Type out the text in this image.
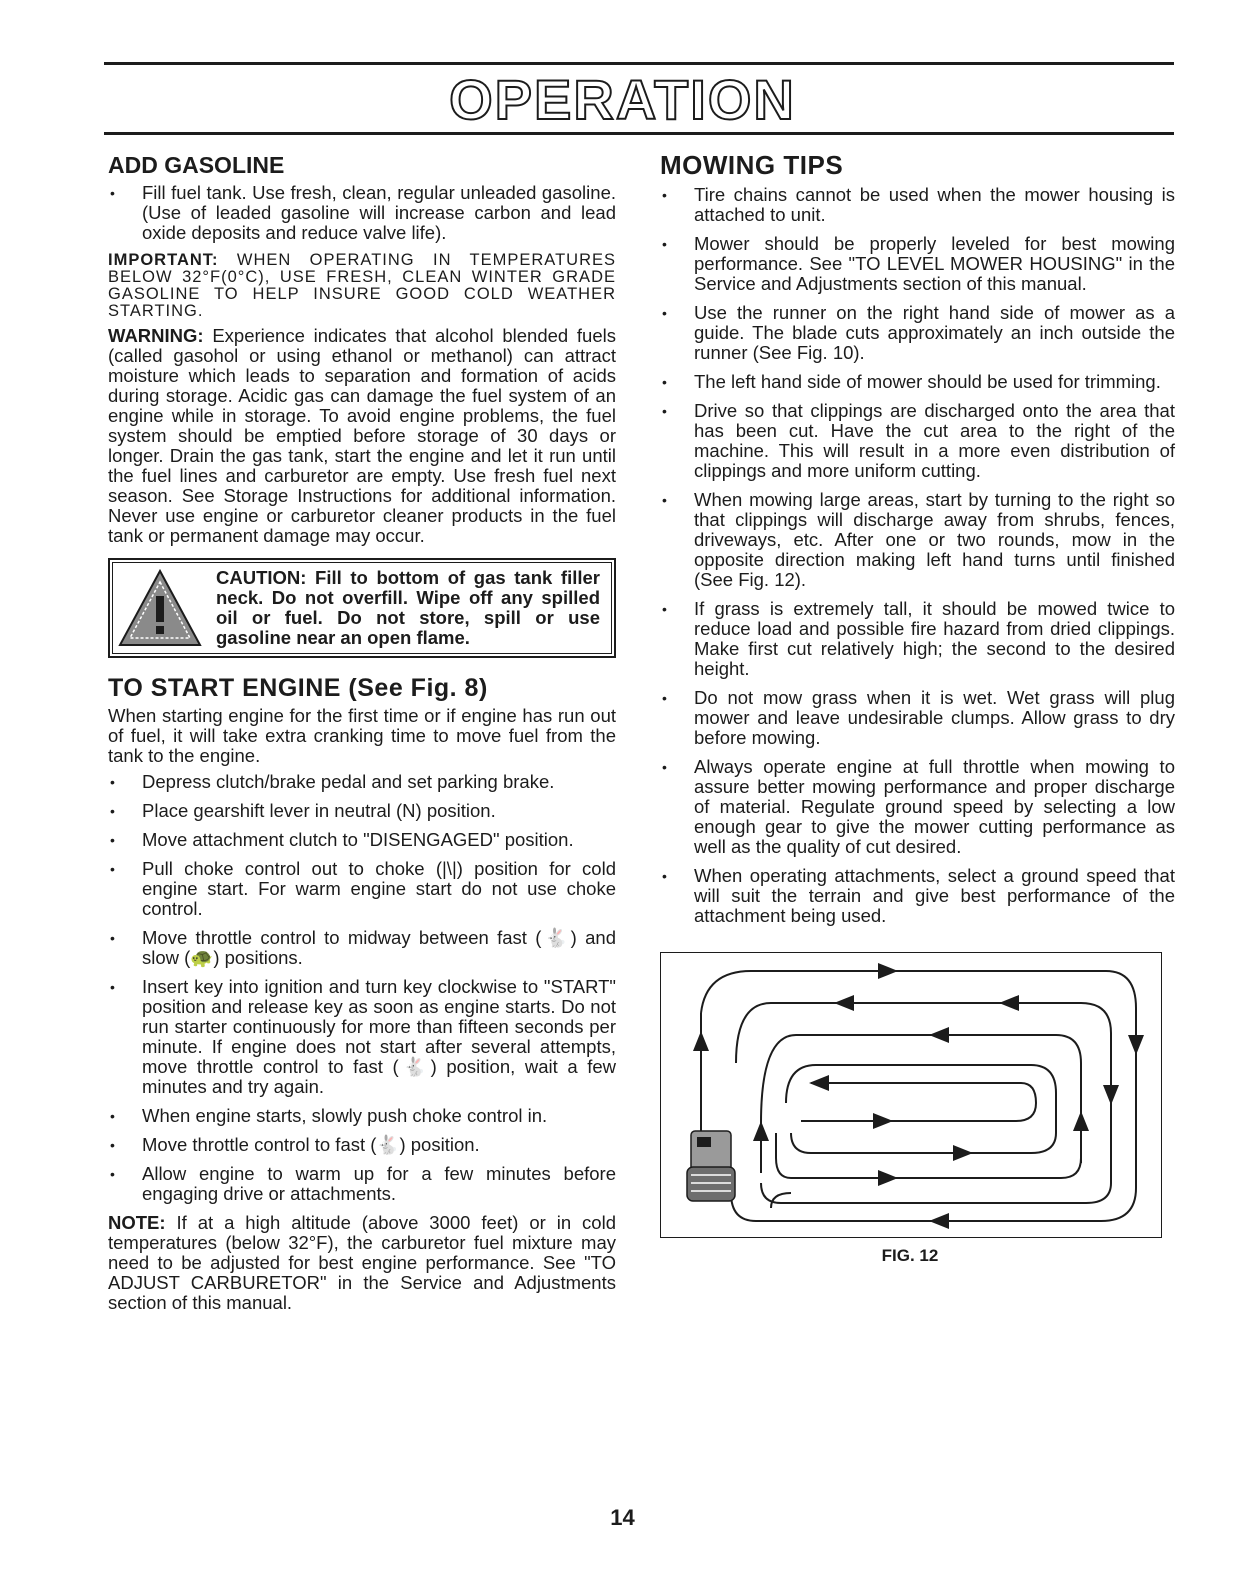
OPERATION
ADD GASOLINE
• Fill fuel tank. Use fresh, clean, regular unleaded gasoline. (Use of leaded gasoline will increase carbon and lead oxide deposits and reduce valve life).

IMPORTANT: WHEN OPERATING IN TEMPERATURES BELOW 32°F(0°C), USE FRESH, CLEAN WINTER GRADE GASOLINE TO HELP INSURE GOOD COLD WEATHER STARTING.

WARNING: Experience indicates that alcohol blended fuels (called gasohol or using ethanol or methanol) can attract moisture which leads to separation and formation of acids during storage. Acidic gas can damage the fuel system of an engine while in storage. To avoid engine problems, the fuel system should be emptied before storage of 30 days or longer. Drain the gas tank, start the engine and let it run until the fuel lines and carburetor are empty. Use fresh fuel next season. See Storage Instructions for additional information. Never use engine or carburetor cleaner products in the fuel tank or permanent damage may occur.

CAUTION: Fill to bottom of gas tank filler neck. Do not overfill. Wipe off any spilled oil or fuel. Do not store, spill or use gasoline near an open flame.
TO START ENGINE (See Fig. 8)

When starting engine for the first time or if engine has run out of fuel, it will take extra cranking time to move fuel from the tank to the engine.

• Depress clutch/brake pedal and set parking brake.
• Place gearshift lever in neutral (N) position.
• Move attachment clutch to "DISENGAGED" position.
• Pull choke control out to choke (|\|) position for cold engine start. For warm engine start do not use choke control.
• Move throttle control to midway between fast (🐇) and slow (🐢) positions.
• Insert key into ignition and turn key clockwise to "START" position and release key as soon as engine starts. Do not run starter continuously for more than fifteen seconds per minute. If engine does not start after several attempts, move throttle control to fast (🐇) position, wait a few minutes and try again.
• When engine starts, slowly push choke control in.
• Move throttle control to fast (🐇) position.
• Allow engine to warm up for a few minutes before engaging drive or attachments.

NOTE: If at a high altitude (above 3000 feet) or in cold temperatures (below 32°F), the carburetor fuel mixture may need to be adjusted for best engine performance. See "TO ADJUST CARBURETOR" in the Service and Adjustments section of this manual.

MOWING TIPS
• Tire chains cannot be used when the mower housing is attached to unit.
• Mower should be properly leveled for best mowing performance. See "TO LEVEL MOWER HOUSING" in the Service and Adjustments section of this manual.
• Use the runner on the right hand side of mower as a guide. The blade cuts approximately an inch outside the runner (See Fig. 10).
• The left hand side of mower should be used for trimming.
• Drive so that clippings are discharged onto the area that has been cut. Have the cut area to the right of the machine. This will result in a more even distribution of clippings and more uniform cutting.
• When mowing large areas, start by turning to the right so that clippings will discharge away from shrubs, fences, driveways, etc. After one or two rounds, mow in the opposite direction making left hand turns until finished (See Fig. 12).
• If grass is extremely tall, it should be mowed twice to reduce load and possible fire hazard from dried clippings. Make first cut relatively high; the second to the desired height.
• Do not mow grass when it is wet. Wet grass will plug mower and leave undesirable clumps. Allow grass to dry before mowing.
• Always operate engine at full throttle when mowing to assure better mowing performance and proper discharge of material. Regulate ground speed by selecting a low enough gear to give the mower cutting performance as well as the quality of cut desired.
• When operating attachments, select a ground speed that will suit the terrain and give best performance of the attachment being used.
FIG. 12

14
